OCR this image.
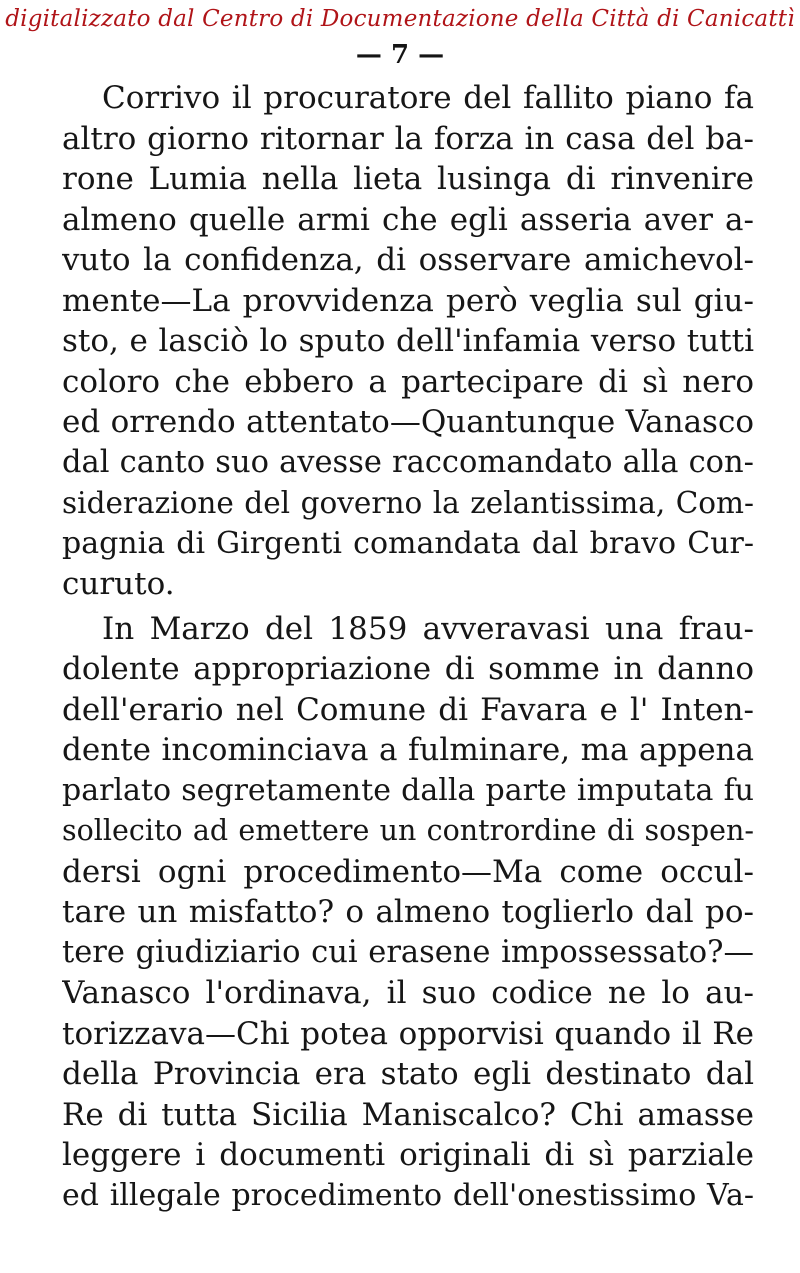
digitalizzato dal Centro di Documentazione della Città di Canicattì
— 7 —
Corrivo il procuratore del fallito piano fa
altro giorno ritornar la forza in casa del ba-
rone Lumia nella lieta lusinga di rinvenire
almeno quelle armi che egli asseria aver a-
vuto la confidenza, di osservare amichevol-
mente—La provvidenza però veglia sul giu-
sto, e lasciò lo sputo dell'infamia verso tutti
coloro che ebbero a partecipare di sì nero
ed orrendo attentato—Quantunque Vanasco
dal canto suo avesse raccomandato alla con-
siderazione del governo la zelantissima, Com-
pagnia di Girgenti comandata dal bravo Cur-
curuto.
In Marzo del 1859 avveravasi una frau-
dolente appropriazione di somme in danno
dell'erario nel Comune di Favara e l' Inten-
dente incominciava a fulminare, ma appena
parlato segretamente dalla parte imputata fu
sollecito ad emettere un contrordine di sospen-
dersi ogni procedimento—Ma come occul-
tare un misfatto? o almeno toglierlo dal po-
tere giudiziario cui erasene impossessato?—
Vanasco l'ordinava, il suo codice ne lo au-
torizzava—Chi potea opporvisi quando il Re
della Provincia era stato egli destinato dal
Re di tutta Sicilia Maniscalco? Chi amasse
leggere i documenti originali di sì parziale
ed illegale procedimento dell'onestissimo Va-
